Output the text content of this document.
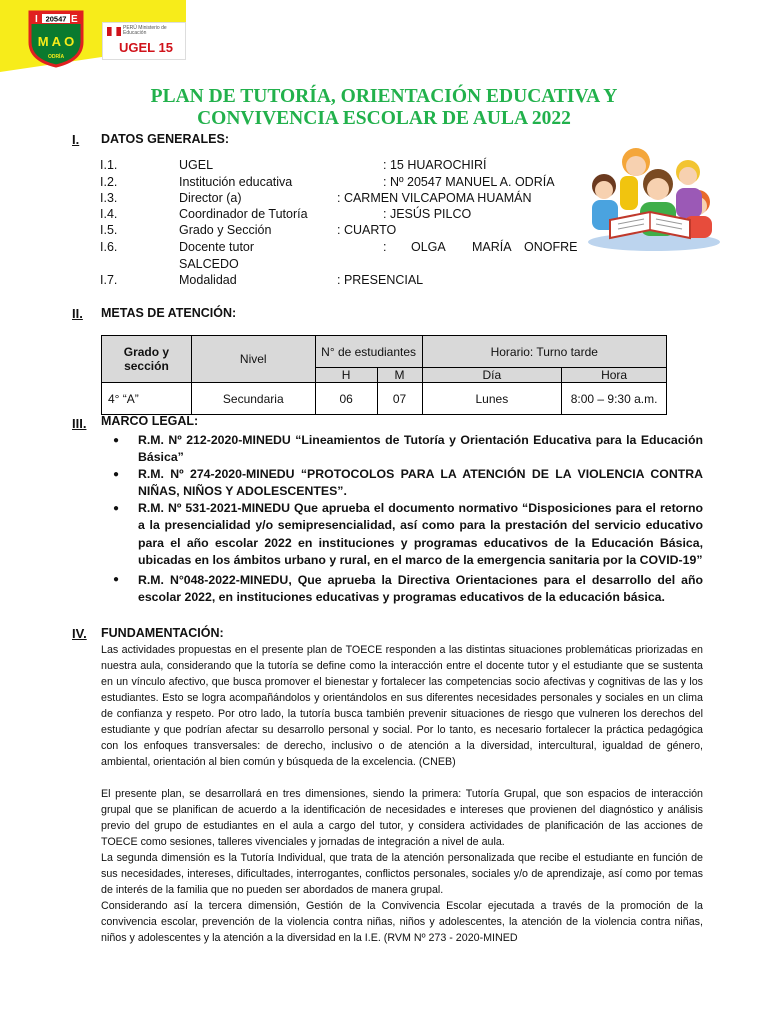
I	E
20547
M A O
ODRÍA
PERÚ Ministerio de Educación
UGEL 15
PLAN DE TUTORÍA, ORIENTACIÓN EDUCATIVA Y
CONVIVENCIA ESCOLAR DE AULA 2022
I. DATOS GENERALES:
I.1.	UGEL	: 15 HUAROCHIRÍ
I.2.	Institución educativa	: Nº 20547 MANUEL A. ODRÍA
I.3.	Director (a)	: CARMEN VILCAPOMA HUAMÁN
I.4.	Coordinador de Tutoría	: JESÚS PILCO
I.5.	Grado y Sección	: CUARTO
I.6.	Docente tutor	: OLGA MARÍA ONOFRE
SALCEDO
I.7.	Modalidad	: PRESENCIAL
II. METAS DE ATENCIÓN:
Grado y sección	Nivel	N° de estudiantes		Horario: Turno tarde	
		H	M	Día	Hora
4° “A”	Secundaria	06	07	Lunes	8:00 – 9:30 a.m.
III. MARCO LEGAL:
● R.M. Nº 212-2020-MINEDU “Lineamientos de Tutoría y Orientación Educativa para la Educación Básica”
● R.M. Nº 274-2020-MINEDU “PROTOCOLOS PARA LA ATENCIÓN DE LA VIOLENCIA CONTRA NIÑAS, NIÑOS Y ADOLESCENTES”.
● R.M. Nº 531-2021-MINEDU Que aprueba el documento normativo “Disposiciones para el retorno a la presencialidad y/o semipresencialidad, así como para la prestación del servicio educativo para el año escolar 2022 en instituciones y programas educativos de la Educación Básica, ubicadas en los ámbitos urbano y rural, en el marco de la emergencia sanitaria por la COVID-19”
● R.M. N°048-2022-MINEDU, Que aprueba la Directiva Orientaciones para el desarrollo del año escolar 2022, en instituciones educativas y programas educativos de la educación básica.
IV. FUNDAMENTACIÓN:
Las actividades propuestas en el presente plan de TOECE responden a las distintas situaciones problemáticas priorizadas en nuestra aula, considerando que la tutoría se define como la interacción entre el docente tutor y el estudiante que se sustenta en un vínculo afectivo, que busca promover el bienestar y fortalecer las competencias socio afectivas y cognitivas de las y los estudiantes. Esto se logra acompañándolos y orientándolos en sus diferentes necesidades personales y sociales en un clima de confianza y respeto. Por otro lado, la tutoría busca también prevenir situaciones de riesgo que vulneren los derechos del estudiante y que podrían afectar su desarrollo personal y social. Por lo tanto, es necesario fortalecer la práctica pedagógica con los enfoques transversales: de derecho, inclusivo o de atención a la diversidad, intercultural, igualdad de género, ambiental, orientación al bien común y búsqueda de la excelencia. (CNEB)
El presente plan, se desarrollará en tres dimensiones, siendo la primera: Tutoría Grupal, que son espacios de interacción grupal que se planifican de acuerdo a la identificación de necesidades e intereses que provienen del diagnóstico y análisis previo del grupo de estudiantes en el aula a cargo del tutor, y considera actividades de planificación de las acciones de TOECE como sesiones, talleres vivenciales y jornadas de integración a nivel de aula.
La segunda dimensión es la Tutoría Individual, que trata de la atención personalizada que recibe el estudiante en función de sus necesidades, intereses, dificultades, interrogantes, conflictos personales, sociales y/o de aprendizaje, así como por temas de interés de la familia que no pueden ser abordados de manera grupal.
Considerando así la tercera dimensión, Gestión de la Convivencia Escolar ejecutada a través de la promoción de la convivencia escolar, prevención de la violencia contra niñas, niños y adolescentes, la atención de la violencia contra niñas, niños y adolescentes y la atención a la diversidad en la I.E. (RVM Nº 273 - 2020-MINED
